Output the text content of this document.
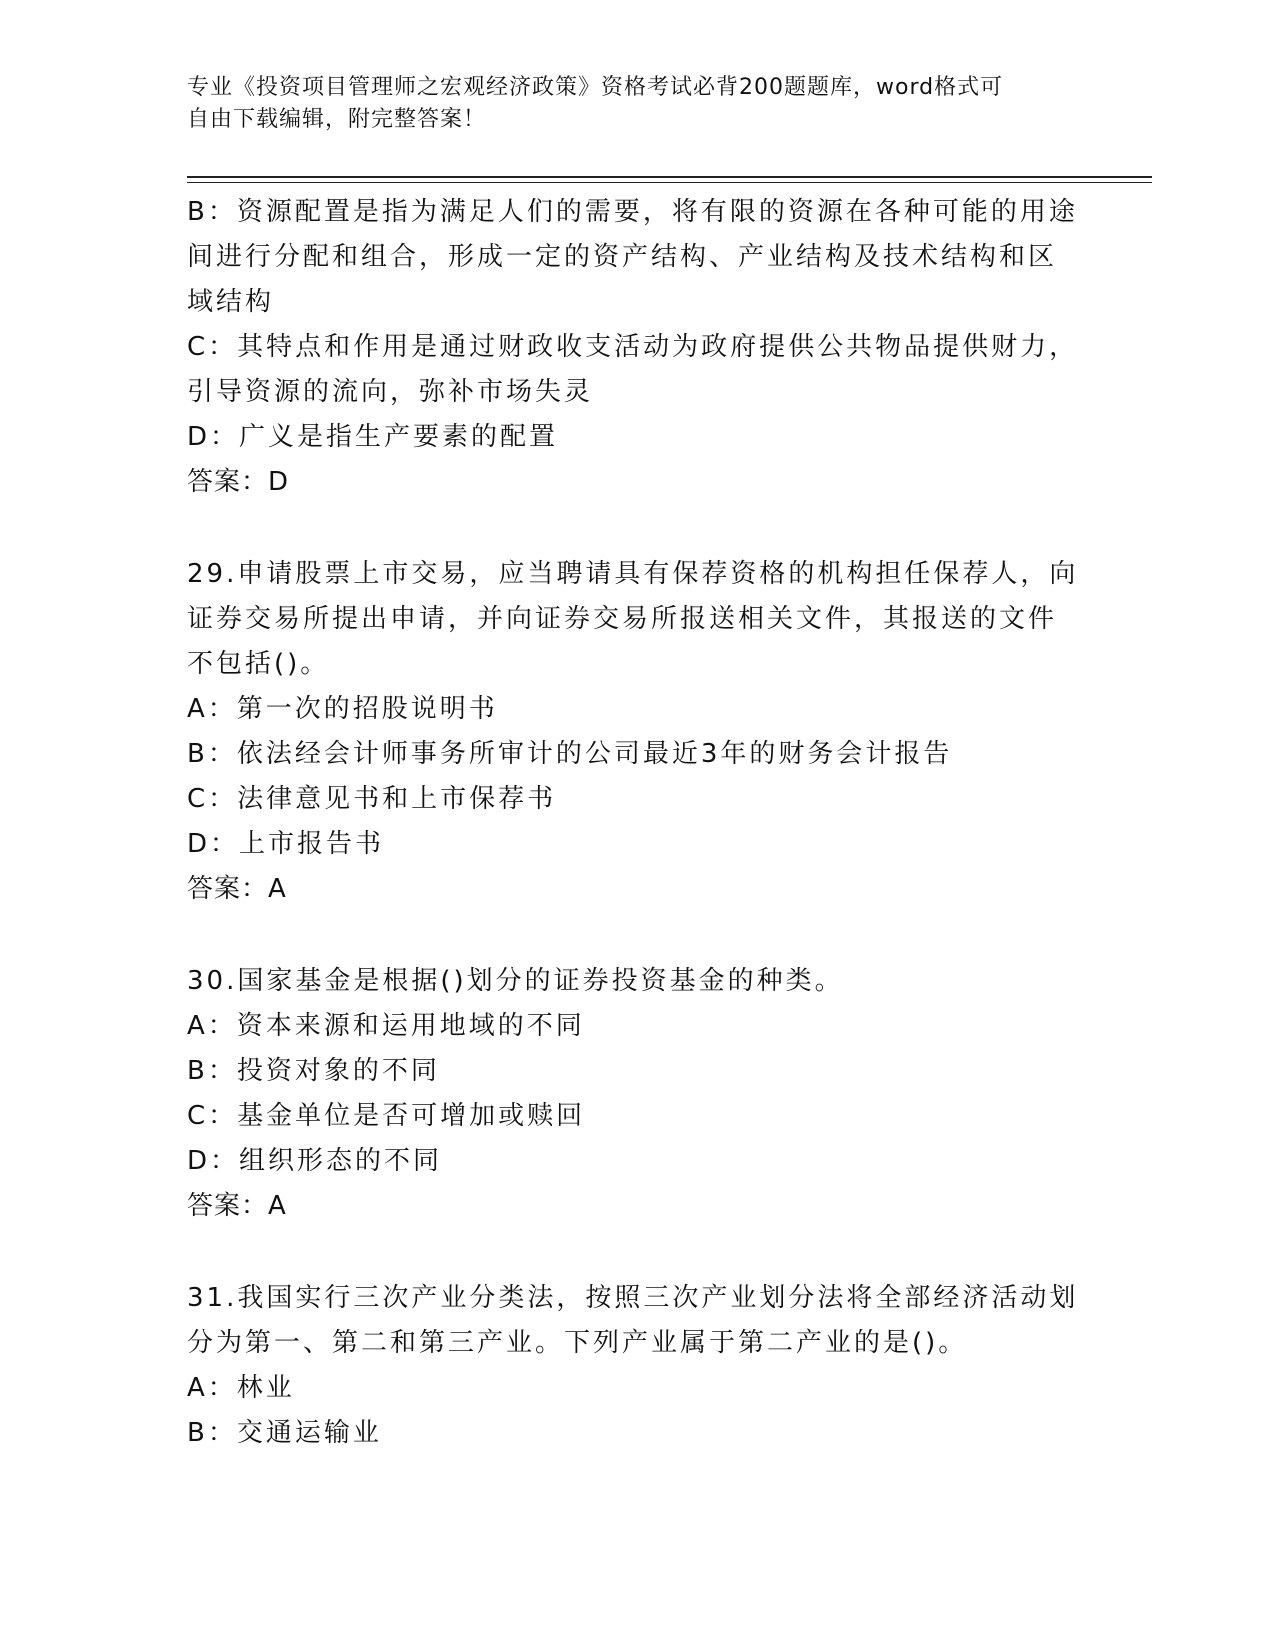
专业《投资项目管理师之宏观经济政策》资格考试必背200题题库，word格式可
自由下载编辑，附完整答案！
B：资源配置是指为满足人们的需要，将有限的资源在各种可能的用途
间进行分配和组合，形成一定的资产结构、产业结构及技术结构和区
域结构
C：其特点和作用是通过财政收支活动为政府提供公共物品提供财力，
引导资源的流向，弥补市场失灵
D：广义是指生产要素的配置
答案：D
29.申请股票上市交易，应当聘请具有保荐资格的机构担任保荐人，向
证券交易所提出申请，并向证券交易所报送相关文件，其报送的文件
不包括()。
A：第一次的招股说明书
B：依法经会计师事务所审计的公司最近3年的财务会计报告
C：法律意见书和上市保荐书
D：上市报告书
答案：A
30.国家基金是根据()划分的证券投资基金的种类。
A：资本来源和运用地域的不同
B：投资对象的不同
C：基金单位是否可增加或赎回
D：组织形态的不同
答案：A
31.我国实行三次产业分类法，按照三次产业划分法将全部经济活动划
分为第一、第二和第三产业。下列产业属于第二产业的是()。
A：林业
B：交通运输业
